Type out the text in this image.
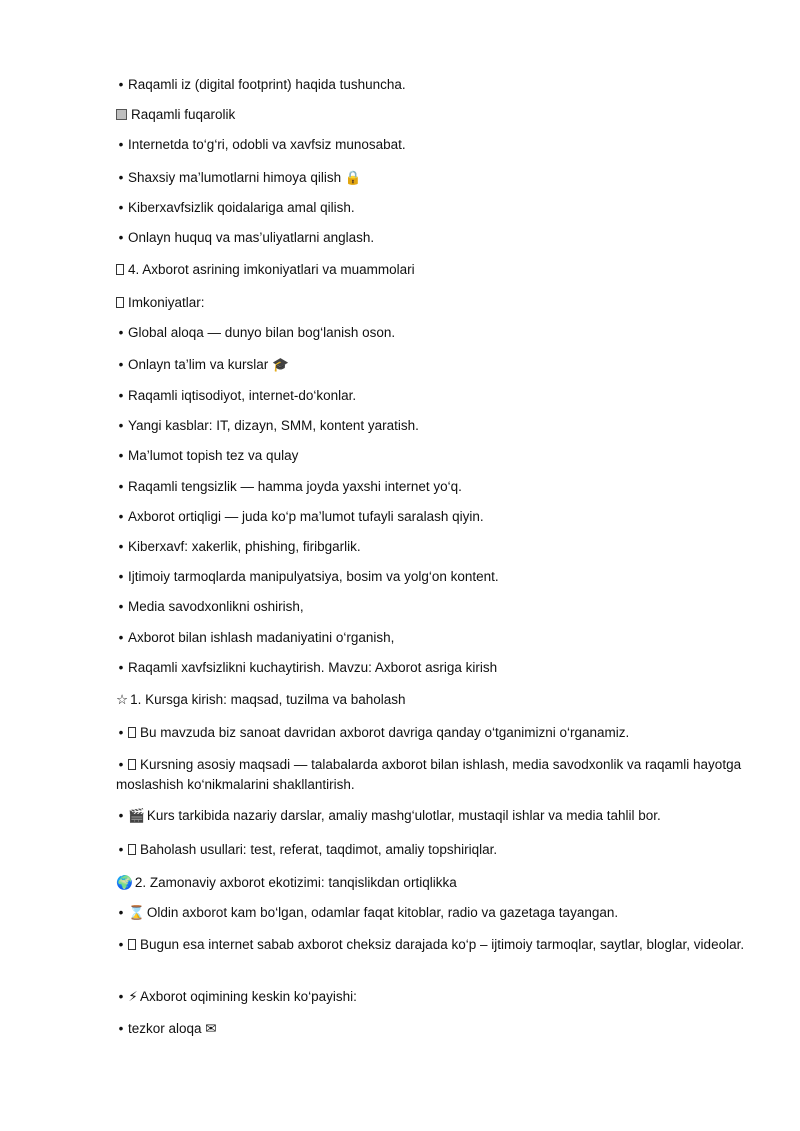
• Raqamli iz (digital footprint) haqida tushuncha.
Raqamli fuqarolik
• Internetda to‘g‘ri, odobli va xavfsiz munosabat.
• Shaxsiy ma’lumotlarni himoya qilish 🔒
• Kiberxavfsizlik qoidalariga amal qilish.
• Onlayn huquq va mas’uliyatlarni anglash.
4. Axborot asrining imkoniyatlari va muammolari
Imkoniyatlar:
• Global aloqa — dunyo bilan bog‘lanish oson.
• Onlayn ta’lim va kurslar 🎓
• Raqamli iqtisodiyot, internet-do‘konlar.
• Yangi kasblar: IT, dizayn, SMM, kontent yaratish.
• Ma’lumot topish tez va qulay
• Raqamli tengsizlik — hamma joyda yaxshi internet yo‘q.
• Axborot ortiqligi — juda ko‘p ma’lumot tufayli saralash qiyin.
• Kiberxavf: xakerlik, phishing, firibgarlik.
• Ijtimoiy tarmoqlarda manipulyatsiya, bosim va yolg‘on kontent.
• Media savodxonlikni oshirish,
• Axborot bilan ishlash madaniyatini o‘rganish,
• Raqamli xavfsizlikni kuchaytirish. Mavzu: Axborot asriga kirish
☆ 1. Kursga kirish: maqsad, tuzilma va baholash
• Bu mavzuda biz sanoat davridan axborot davriga qanday o‘tganimizni o‘rganamiz.
• Kursning asosiy maqsadi — talabalarda axborot bilan ishlash, media savodxonlik va raqamli hayotga moslashish ko‘nikmalarini shakllantirish.
• 🎬 Kurs tarkibida nazariy darslar, amaliy mashg‘ulotlar, mustaqil ishlar va media tahlil bor.
• Baholash usullari: test, referat, taqdimot, amaliy topshiriqlar.
🌍 2. Zamonaviy axborot ekotizimi: tanqislikdan ortiqlikka
• ⌛ Oldin axborot kam bo‘lgan, odamlar faqat kitoblar, radio va gazetaga tayangan.
• Bugun esa internet sabab axborot cheksiz darajada ko‘p – ijtimoiy tarmoqlar, saytlar, bloglar, videolar.
• ⚡ Axborot oqimining keskin ko‘payishi:
• tezkor aloqa ✉
